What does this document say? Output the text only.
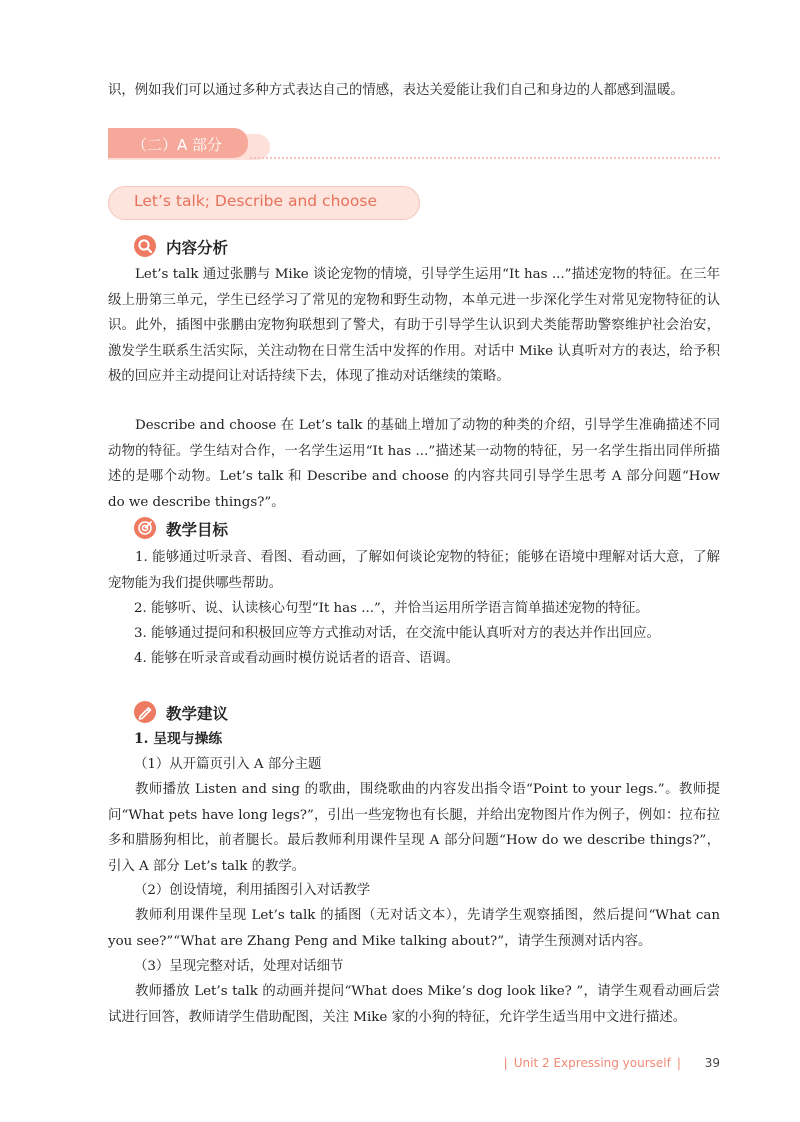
识，例如我们可以通过多种方式表达自己的情感，表达关爱能让我们自己和身边的人都感到温暖。

（二）A 部分
Let’s talk; Describe and choose
内容分析

Let’s talk 通过张鹏与 Mike 谈论宠物的情境，引导学生运用“It has ...”描述宠物的特征。在三年级上册第三单元，学生已经学习了常见的宠物和野生动物，本单元进一步深化学生对常见宠物特征的认识。此外，插图中张鹏由宠物狗联想到了警犬，有助于引导学生认识到犬类能帮助警察维护社会治安，激发学生联系生活实际，关注动物在日常生活中发挥的作用。对话中 Mike 认真听对方的表达，给予积极的回应并主动提问让对话持续下去，体现了推动对话继续的策略。

Describe and choose 在 Let’s talk 的基础上增加了动物的种类的介绍，引导学生准确描述不同动物的特征。学生结对合作，一名学生运用“It has ...”描述某一动物的特征，另一名学生指出同伴所描述的是哪个动物。Let’s talk 和 Describe and choose 的内容共同引导学生思考 A 部分问题“How do we describe things?”。

教学目标

1. 能够通过听录音、看图、看动画，了解如何谈论宠物的特征；能够在语境中理解对话大意，了解宠物能为我们提供哪些帮助。

2. 能够听、说、认读核心句型“It has ...”，并恰当运用所学语言简单描述宠物的特征。

3. 能够通过提问和积极回应等方式推动对话，在交流中能认真听对方的表达并作出回应。

4. 能够在听录音或看动画时模仿说话者的语音、语调。

教学建议

1. 呈现与操练

（1）从开篇页引入 A 部分主题

教师播放 Listen and sing 的歌曲，围绕歌曲的内容发出指令语“Point to your legs.”。教师提问“What pets have long legs?”，引出一些宠物也有长腿，并给出宠物图片作为例子，例如：拉布拉多和腊肠狗相比，前者腿长。最后教师利用课件呈现 A 部分问题“How do we describe things?”，引入 A 部分 Let’s talk 的教学。

（2）创设情境，利用插图引入对话教学

教师利用课件呈现 Let’s talk 的插图（无对话文本），先请学生观察插图，然后提问“What can you see?”“What are Zhang Peng and Mike talking about?”，请学生预测对话内容。

（3）呈现完整对话，处理对话细节

教师播放 Let’s talk 的动画并提问“What does Mike’s dog look like? ”，请学生观看动画后尝试进行回答，教师请学生借助配图，关注 Mike 家的小狗的特征，允许学生适当用中文进行描述。

| Unit 2 Expressing yourself | 39
